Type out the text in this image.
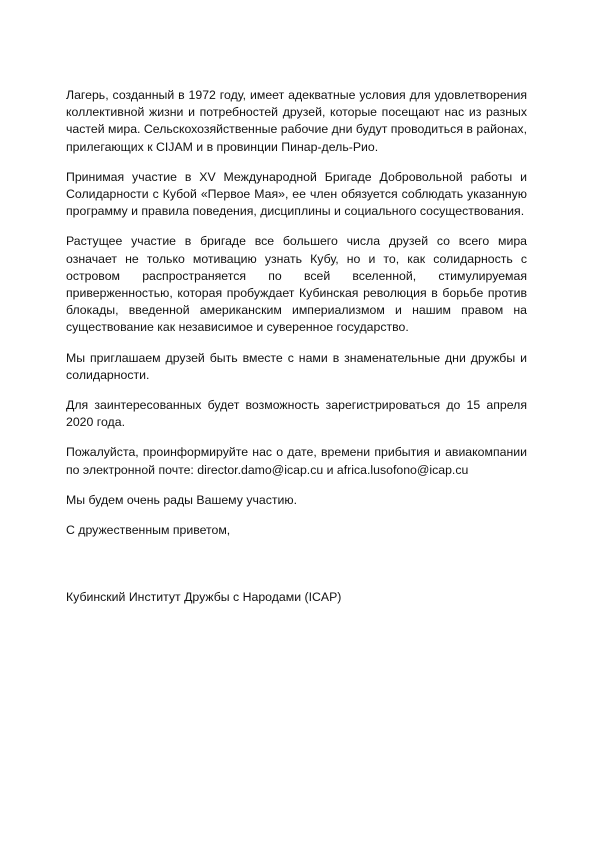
Лагерь, созданный в 1972 году, имеет адекватные условия для удовлетворения коллективной жизни и потребностей друзей, которые посещают нас из разных частей мира. Сельскохозяйственные рабочие дни будут проводиться в районах, прилегающих к CIJAM и в провинции Пинар-дель-Рио.

Принимая участие в XV Международной Бригаде Добровольной работы и Солидарности с Кубой «Первое Мая», ее член обязуется соблюдать указанную программу и правила поведения, дисциплины и социального сосуществования.

Растущее участие в бригаде все большего числа друзей со всего мира означает не только мотивацию узнать Кубу, но и то, как солидарность с островом распространяется по всей вселенной, стимулируемая приверженностью, которая пробуждает Кубинская революция в борьбе против блокады, введенной американским империализмом и нашим правом на существование как независимое и суверенное государство.

Мы приглашаем друзей быть вместе с нами в знаменательные дни дружбы и солидарности.

Для заинтересованных будет возможность зарегистрироваться до 15 апреля 2020 года.

Пожалуйста, проинформируйте нас о дате, времени прибытия и авиакомпании по электронной почте: director.damo@icap.cu и africa.lusofono@icap.cu

Мы будем очень рады Вашему участию.

С дружественным приветом,

Кубинский Институт Дружбы с Народами (ICAP)
